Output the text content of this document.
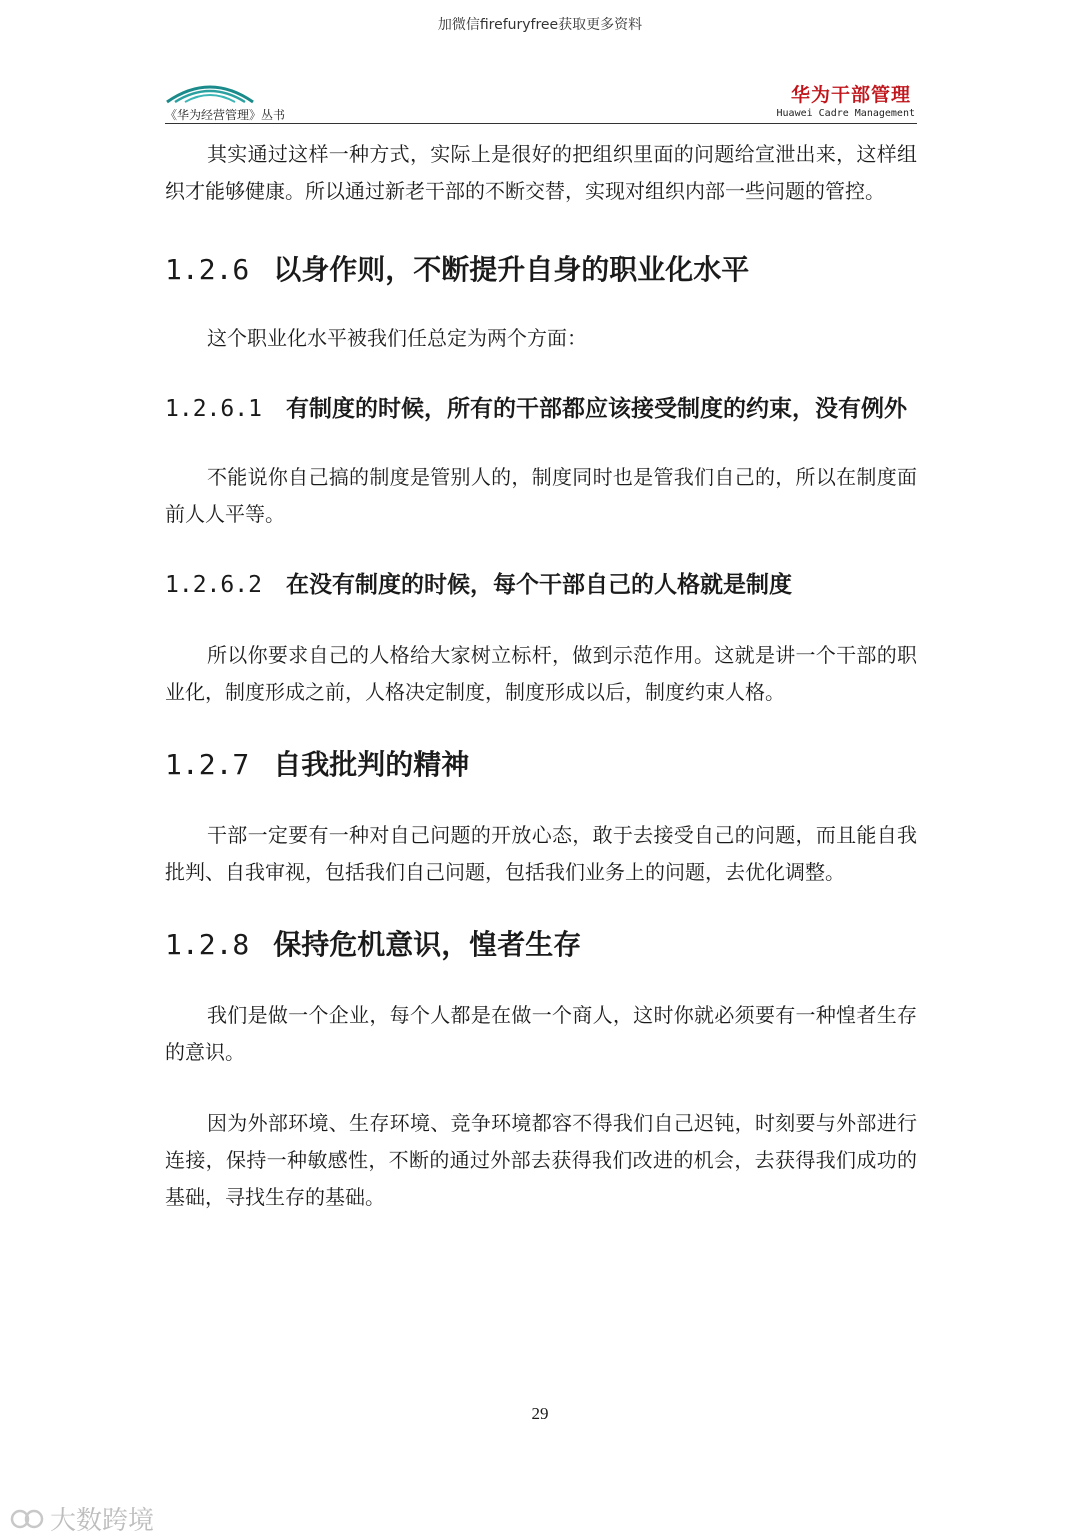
加微信firefuryfree获取更多资料
《华为经营管理》丛书
华为干部管理
Huawei Cadre Management

其实通过这样一种方式，实际上是很好的把组织里面的问题给宣泄出来，这样组织才能够健康。所以通过新老干部的不断交替，实现对组织内部一些问题的管控。

1.2.6 以身作则，不断提升自身的职业化水平

这个职业化水平被我们任总定为两个方面：

1.2.6.1 有制度的时候，所有的干部都应该接受制度的约束，没有例外

不能说你自己搞的制度是管别人的，制度同时也是管我们自己的，所以在制度面前人人平等。

1.2.6.2 在没有制度的时候，每个干部自己的人格就是制度

所以你要求自己的人格给大家树立标杆，做到示范作用。这就是讲一个干部的职业化，制度形成之前，人格决定制度，制度形成以后，制度约束人格。

1.2.7 自我批判的精神

干部一定要有一种对自己问题的开放心态，敢于去接受自己的问题，而且能自我批判、自我审视，包括我们自己问题，包括我们业务上的问题，去优化调整。

1.2.8 保持危机意识，惶者生存

我们是做一个企业，每个人都是在做一个商人，这时你就必须要有一种惶者生存的意识。

因为外部环境、生存环境、竞争环境都容不得我们自己迟钝，时刻要与外部进行连接，保持一种敏感性，不断的通过外部去获得我们改进的机会，去获得我们成功的基础，寻找生存的基础。

29
大数跨境
